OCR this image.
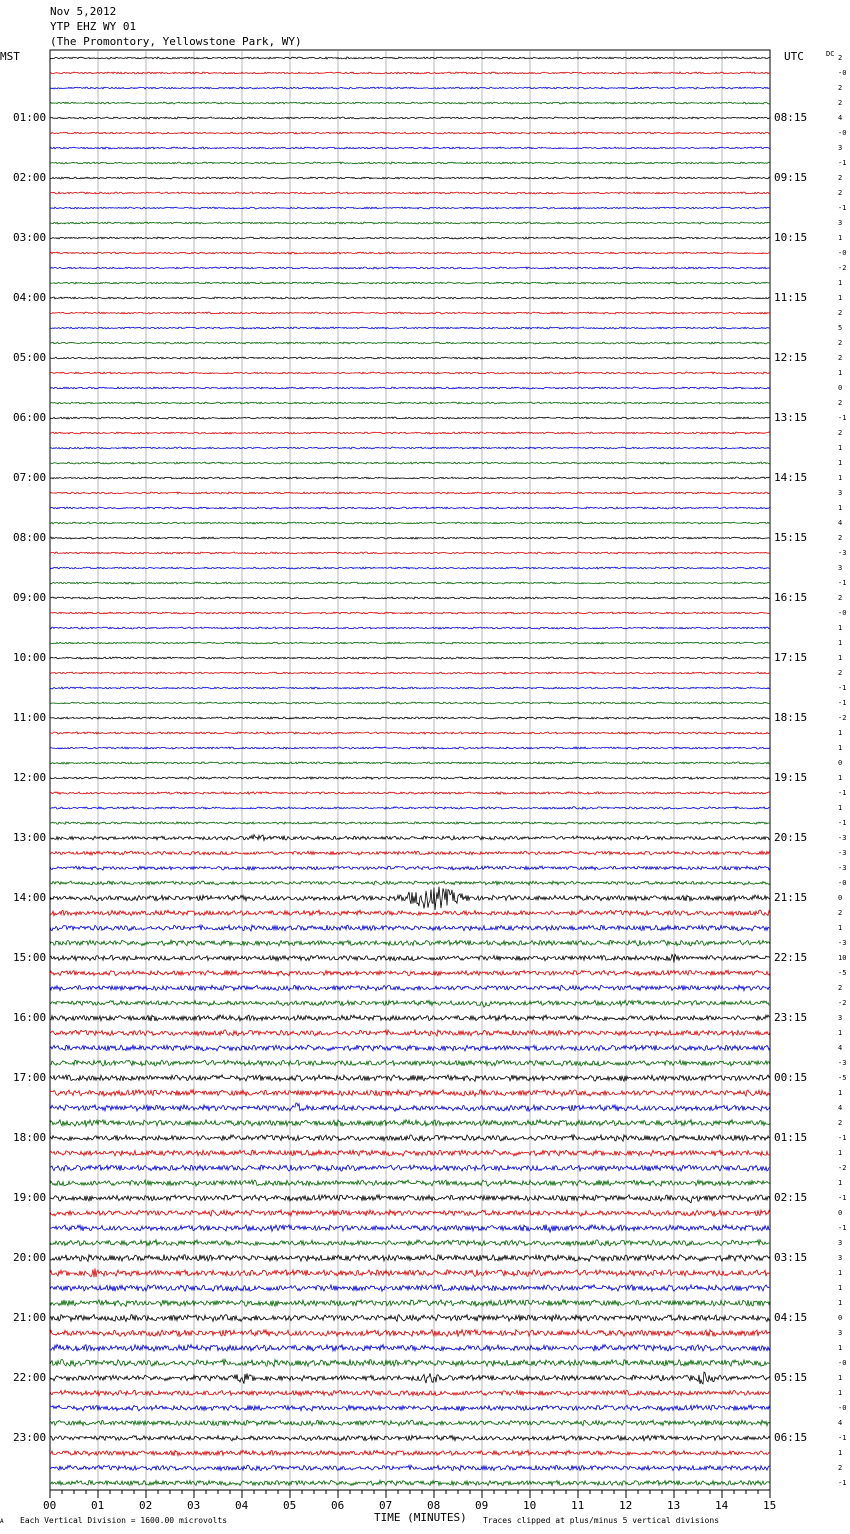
Nov 5,2012
YTP EHZ WY 01
(The Promontory, Yellowstone Park, WY)
MST	UTC	DC
01:00
02:00
03:00
04:00
05:00
06:00
07:00
08:00
09:00
10:00
11:00
12:00
13:00
14:00
15:00
16:00
17:00
18:00
19:00
20:00
21:00
22:00
23:00
08:15
09:15
10:15
11:15
12:15
13:15
14:15
15:15
16:15
17:15
18:15
19:15
20:15
21:15
22:15
23:15
00:15
01:15
02:15
03:15
04:15
05:15
06:15
2
-0
2
2
4
-0
3
-1
2
2
-1
3
1
-0
-2
1
1
2
5
2
2
1
0
2
-1
2
1
1
1
3
1
4
2
-3
3
-1
2
-0
1
1
1
2
-1
-1
-2
1
1
0
1
-1
1
-1
-3
-3
-3
-0
0
2
1
-3
10
-5
2
-2
3
1
4
-3
-5
1
4
2
-1
1
-2
1
-1
0
-1
3
3
1
1
1
0
3
1
-0
1
1
-0
4
-1
1
2
-1
00	01	02	03	04	05	06	07	08	09	10	11	12	13	14	15
A Each Vertical Division = 1600.00 microvolts	TIME (MINUTES) Traces clipped at plus/minus 5 vertical divisions
